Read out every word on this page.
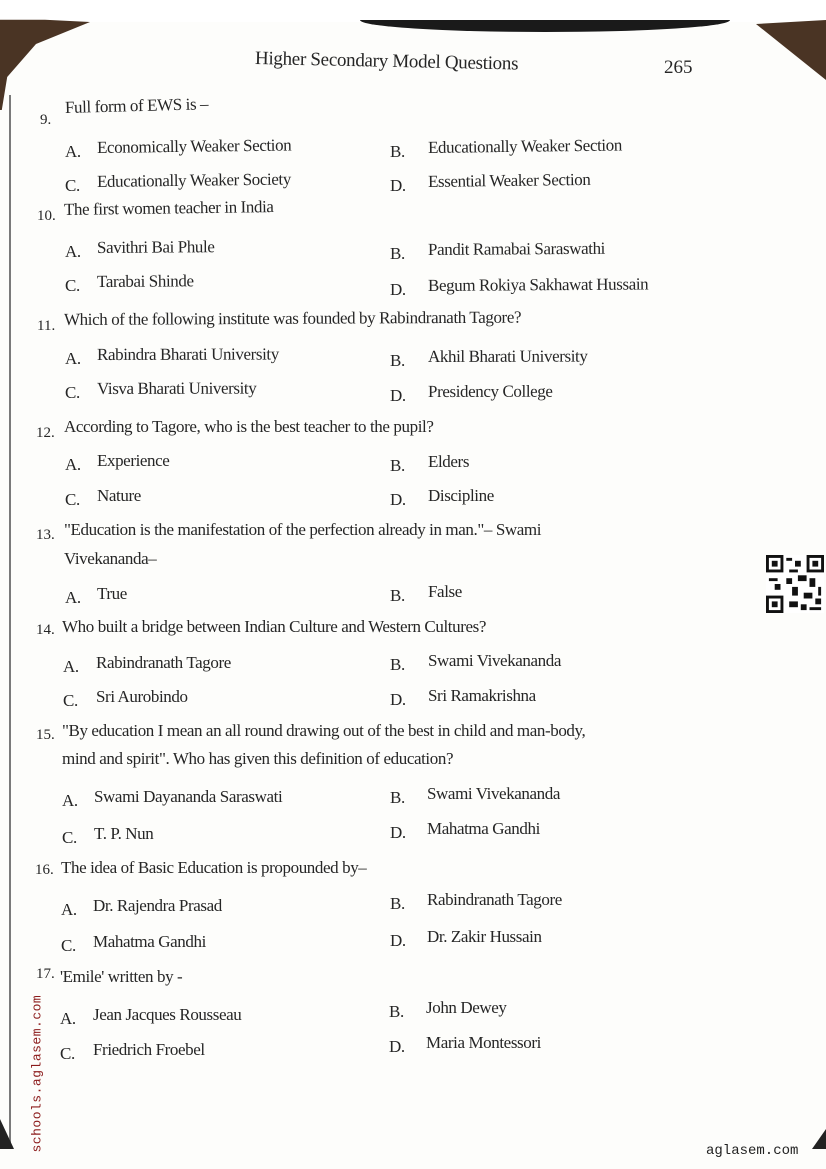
Higher Secondary Model Questions	265
9.
Full form of EWS is –
A. Economically Weaker Section	B. Educationally Weaker Section
C. Educationally Weaker Society	D. Essential Weaker Section
10. The first women teacher in India
A. Savithri Bai Phule	B. Pandit Ramabai Saraswathi
C. Tarabai Shinde	D. Begum Rokiya Sakhawat Hussain
11. Which of the following institute was founded by Rabindranath Tagore?
A. Rabindra Bharati University	B. Akhil Bharati University
C. Visva Bharati University	D. Presidency College
12. According to Tagore, who is the best teacher to the pupil?
A. Experience	B. Elders
C. Nature	D. Discipline
13. "Education is the manifestation of the perfection already in man."– Swami
Vivekananda–
A. True	B. False
14. Who built a bridge between Indian Culture and Western Cultures?
A. Rabindranath Tagore	B. Swami Vivekananda
C. Sri Aurobindo	D. Sri Ramakrishna
15. "By education I mean an all round drawing out of the best in child and man-body,
mind and spirit". Who has given this definition of education?
A. Swami Dayananda Saraswati	B. Swami Vivekananda
C. T. P. Nun	D. Mahatma Gandhi
16. The idea of Basic Education is propounded by–
A. Dr. Rajendra Prasad	B. Rabindranath Tagore
C. Mahatma Gandhi	D. Dr. Zakir Hussain
17. 'Emile' written by -
A. Jean Jacques Rousseau	B. John Dewey
C. Friedrich Froebel	D. Maria Montessori
schools.aglasem.com	aglasem.com
